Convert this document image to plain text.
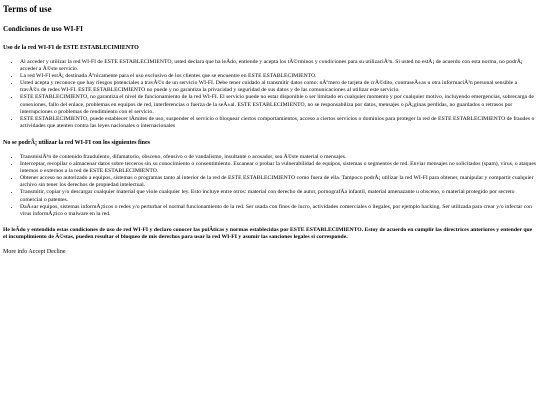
Terms of use
Condiciones de uso WI-FI
Uso de la red WI-FI de ESTE ESTABLECIMIENTO
• Al acceder y utilizar la red WI-FI de ESTE ESTABLECIMIENTO, usted declara que ha leÃdo, entiende y acepta los tÃ©rminos y condiciones para su utilizaciÃ³n. Si usted no estÃ¡ de acuerdo con esta norma, no podrÃ¡ acceder a Ã©ste servicio.
• La red WI-FI estÃ¡ destinada Ãºnicamente para el uso exclusivo de los clientes que se encuentre en ESTE ESTABLECIMIENTO.
• Usted acepta y reconoce que hay riesgos potenciales a travÃ©s de un servicio WI-FI. Debe tener cuidado al transmitir datos como: nÃºmero de tarjeta de crÃ©dito, contraseÃ±as u otra informaciÃ³n personal sensible a travÃ©s de redes WI-FI. ESTE ESTABLECIMIENTO no puede y no garantiza la privacidad y seguridad de sus datos y de las comunicaciones al utilizar este servicio.
• ESTE ESTABLECIMIENTO, no garantiza el nivel de funcionamiento de la red WI-FI. El servicio puede no estar disponible o ser limitado en cualquier momento y por cualquier motivo, incluyendo emergencias, sobrecarga de conexiones, fallo del enlace, problemas en equipos de red, interferencias o fuerza de la seÃ±al. ESTE ESTABLECIMIENTO, no se responsabiliza por datos, mensajes o pÃ¡ginas perdidas, no guardados o retrasos por interrupciones o problemas de rendimiento con el servicio.
• ESTE ESTABLECIMIENTO, puede establecer lÃmites de uso, suspender el servicio o bloquear ciertos comportamientos, acceso a ciertos servicios o dominios para proteger la red de ESTE ESTABLECIMIENTO de fraudes o actividades que atenten contra las leyes nacionales o internacionales
No se podrÃ¡ utilizar la red WI-FI con los siguientes fines
• TransmisiÃ³n de contenido fraudulento, difamatorio, obsceno, ofensivo o de vandalismo, insultante o acosador, sea Ã©ste material o mensajes.
• Interceptar, recopilar o almacenar datos sobre terceros sin su conocimiento o consentimiento. Escanear o probar la vulnerabilidad de equipos, sistemas o segmentos de red. Enviar mensajes no solicitados (spam), virus, o ataques internos o externos a la red de ESTE ESTABLECIMIENTO.
• Obtener acceso no autorizado a equipos, sistemas o programas tanto al interior de la red de ESTE ESTABLECIMIENTO como fuera de ella. Tampoco podrÃ¡ utilizar la red WI-FI para obtener, manipular y compartir cualquier archivo sin tener los derechos de propiedad intelectual.
• Transmitir, copiar y/o descargar cualquier material que viole cualquier ley. Esto incluye entre otros: material con derecho de autor, pornografÃa infantil, material amenazante u obsceno, o material protegido por secreto comercial o patentes.
• DaÃ±ar equipos, sistemas informÃ¡ticos o redes y/o perturbar el normal funcionamiento de la red. Ser usada con fines de lucro, actividades comerciales o ilegales, por ejemplo hacking. Ser utilizada para crear y/o infectar con virus informÃ¡tico o malware en la red.

He leÃdo y entendido estas condiciones de uso de red WI-FI y declaro conocer las polÃticas y normas establecidas por ESTE ESTABLECIMIENTO. Estoy de acuerdo en cumplir las directrices anteriores y entender que el incumplimiento de Ã©stas, pueden resultar el bloqueo de mis derechos para usar la red WI-FI y asumir las sanciones legales si corresponde.

More info Accept Decline
